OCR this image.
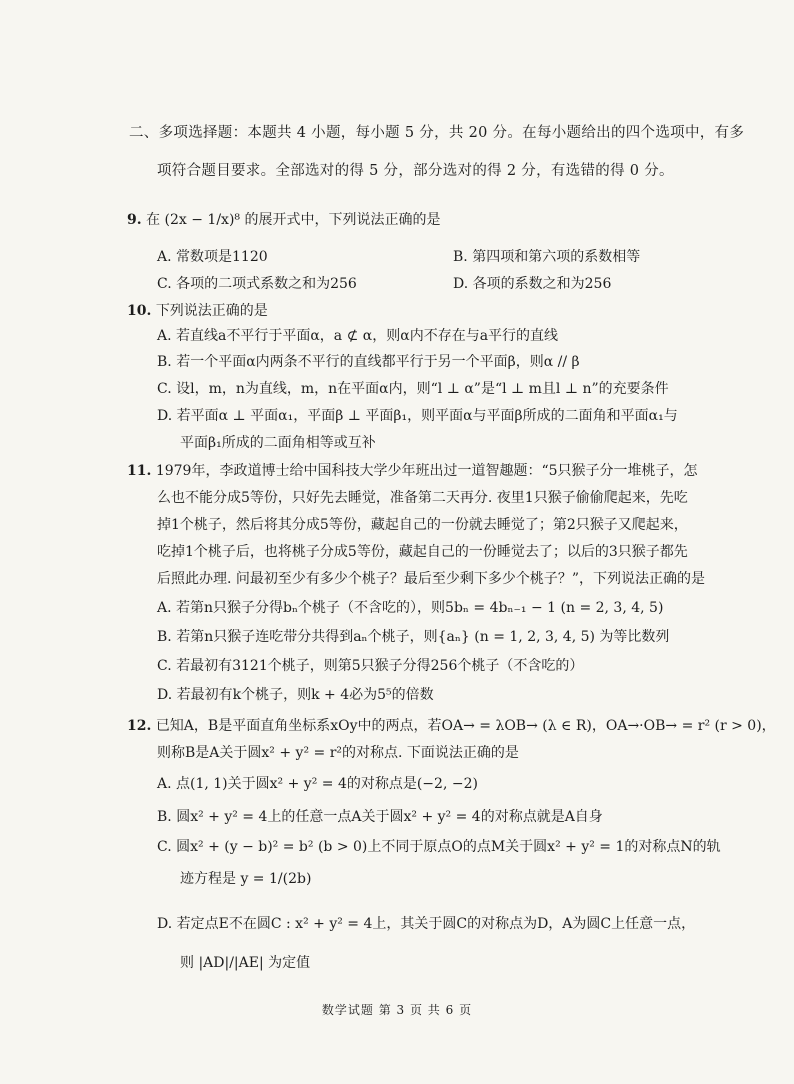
二、多项选择题：本题共 4 小题，每小题 5 分，共 20 分。在每小题给出的四个选项中，有多
项符合题目要求。全部选对的得 5 分，部分选对的得 2 分，有选错的得 0 分。
9. 在 (2x − 1/x)⁸ 的展开式中，下列说法正确的是
A. 常数项是1120	B. 第四项和第六项的系数相等
C. 各项的二项式系数之和为256	D. 各项的系数之和为256
10. 下列说法正确的是
A. 若直线a不平行于平面α，a ⊄ α，则α内不存在与a平行的直线
B. 若一个平面α内两条不平行的直线都平行于另一个平面β，则α // β
C. 设l，m，n为直线，m，n在平面α内，则“l ⊥ α”是“l ⊥ m且l ⊥ n”的充要条件
D. 若平面α ⊥ 平面α₁，平面β ⊥ 平面β₁，则平面α与平面β所成的二面角和平面α₁与
平面β₁所成的二面角相等或互补
11. 1979年，李政道博士给中国科技大学少年班出过一道智趣题：“5只猴子分一堆桃子，怎
么也不能分成5等份，只好先去睡觉，准备第二天再分. 夜里1只猴子偷偷爬起来，先吃
掉1个桃子，然后将其分成5等份，藏起自己的一份就去睡觉了；第2只猴子又爬起来，
吃掉1个桃子后，也将桃子分成5等份，藏起自己的一份睡觉去了；以后的3只猴子都先
后照此办理. 问最初至少有多少个桃子？最后至少剩下多少个桃子？”，下列说法正确的是
A. 若第n只猴子分得bₙ个桃子（不含吃的），则5bₙ = 4bₙ₋₁ − 1 (n = 2, 3, 4, 5)
B. 若第n只猴子连吃带分共得到aₙ个桃子，则{aₙ} (n = 1, 2, 3, 4, 5) 为等比数列
C. 若最初有3121个桃子，则第5只猴子分得256个桃子（不含吃的）
D. 若最初有k个桃子，则k + 4必为5⁵的倍数
12. 已知A，B是平面直角坐标系xOy中的两点，若OA→ = λOB→ (λ ∈ R)，OA→·OB→ = r² (r > 0)，
则称B是A关于圆x² + y² = r²的对称点. 下面说法正确的是
A. 点(1, 1)关于圆x² + y² = 4的对称点是(−2, −2)
B. 圆x² + y² = 4上的任意一点A关于圆x² + y² = 4的对称点就是A自身
C. 圆x² + (y − b)² = b² (b > 0)上不同于原点O的点M关于圆x² + y² = 1的对称点N的轨
迹方程是 y = 1/(2b)
D. 若定点E不在圆C : x² + y² = 4上，其关于圆C的对称点为D，A为圆C上任意一点，
则 |AD|/|AE| 为定值
数学试题 第 3 页 共 6 页
